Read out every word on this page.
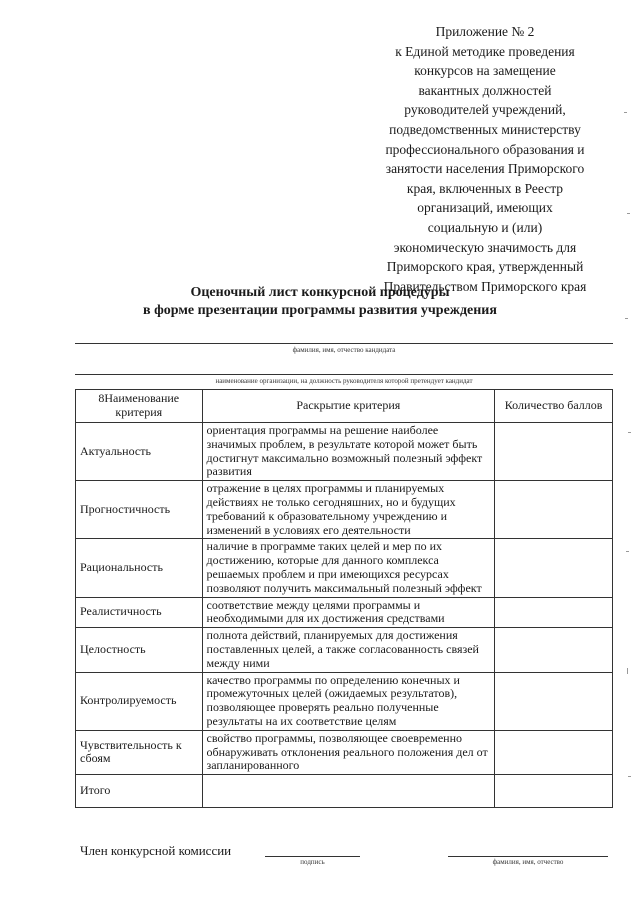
Приложение № 2
к Единой методике проведения
конкурсов на замещение
вакантных должностей
руководителей учреждений,
подведомственных министерству
профессионального образования и
занятости населения Приморского
края, включенных в Реестр
организаций, имеющих
социальную и (или)
экономическую значимость для
Приморского края, утвержденный
Правительством Приморского края
Оценочный лист конкурсной процедуры
в форме презентации программы развития учреждения
фамилия, имя, отчество кандидата
наименование организации, на должность руководителя которой претендует кандидат
8Наименование критерия	Раскрытие критерия	Количество баллов
Актуальность	ориентация программы на решение наиболее значимых проблем, в результате которой может быть достигнут максимально возможный полезный эффект развития	
Прогностичность	отражение в целях программы и планируемых действиях не только сегодняшних, но и будущих требований к образовательному учреждению и изменений в условиях его деятельности	
Рациональность	наличие в программе таких целей и мер по их достижению, которые для данного комплекса решаемых проблем и при имеющихся ресурсах позволяют получить максимальный полезный эффект	
Реалистичность	соответствие между целями программы и необходимыми для их достижения средствами	
Целостность	полнота действий, планируемых для достижения поставленных целей, а также согласованность связей между ними	
Контролируемость	качество программы по определению конечных и промежуточных целей (ожидаемых результатов), позволяющее проверять реально полученные результаты на их соответствие целям	
Чувствительность к сбоям	свойство программы, позволяющее своевременно обнаруживать отклонения реального положения дел от запланированного	
Итого		
Член конкурсной комиссии
подпись	фамилия, имя, отчество
